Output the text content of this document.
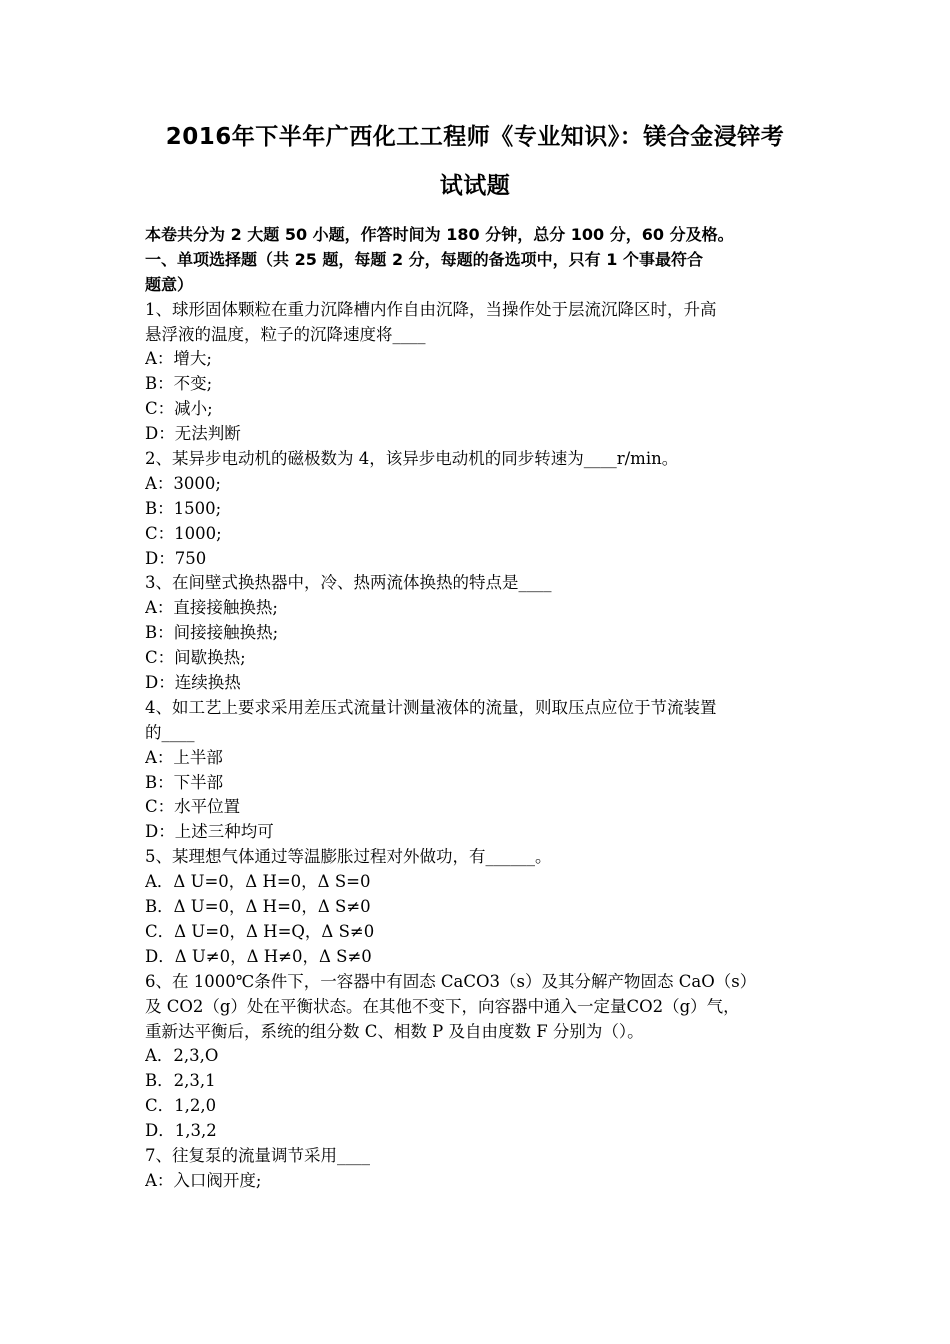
2016年下半年广西化工工程师《专业知识》：镁合金浸锌考
试试题
本卷共分为 2 大题 50 小题，作答时间为 180 分钟，总分 100 分，60 分及格。
一、单项选择题（共 25 题，每题 2 分，每题的备选项中，只有 1 个事最符合
题意）
1、球形固体颗粒在重力沉降槽内作自由沉降，当操作处于层流沉降区时，升高
悬浮液的温度，粒子的沉降速度将____
A：增大;
B：不变;
C：减小;
D：无法判断
2、某异步电动机的磁极数为 4，该异步电动机的同步转速为____r/min。
A：3000;
B：1500;
C：1000;
D：750
3、在间壁式换热器中，冷、热两流体换热的特点是____
A：直接接触换热;
B：间接接触换热;
C：间歇换热;
D：连续换热
4、如工艺上要求采用差压式流量计测量液体的流量，则取压点应位于节流装置
的____
A：上半部
B：下半部
C：水平位置
D：上述三种均可
5、某理想气体通过等温膨胀过程对外做功，有______。
A．Δ U=0，Δ H=0，Δ S=0
B．Δ U=0，Δ H=0，Δ S≠0
C．Δ U=0，Δ H=Q，Δ S≠0
D．Δ U≠0，Δ H≠0，Δ S≠0
6、在 1000℃条件下，一容器中有固态 CaCO3（s）及其分解产物固态 CaO（s）
及 CO2（g）处在平衡状态。在其他不变下，向容器中通入一定量CO2（g）气，
重新达平衡后，系统的组分数 C、相数 P 及自由度数 F 分别为（）。
A．2,3,O
B．2,3,1
C．1,2,0
D．1,3,2
7、往复泵的流量调节采用____
A：入口阀开度;
